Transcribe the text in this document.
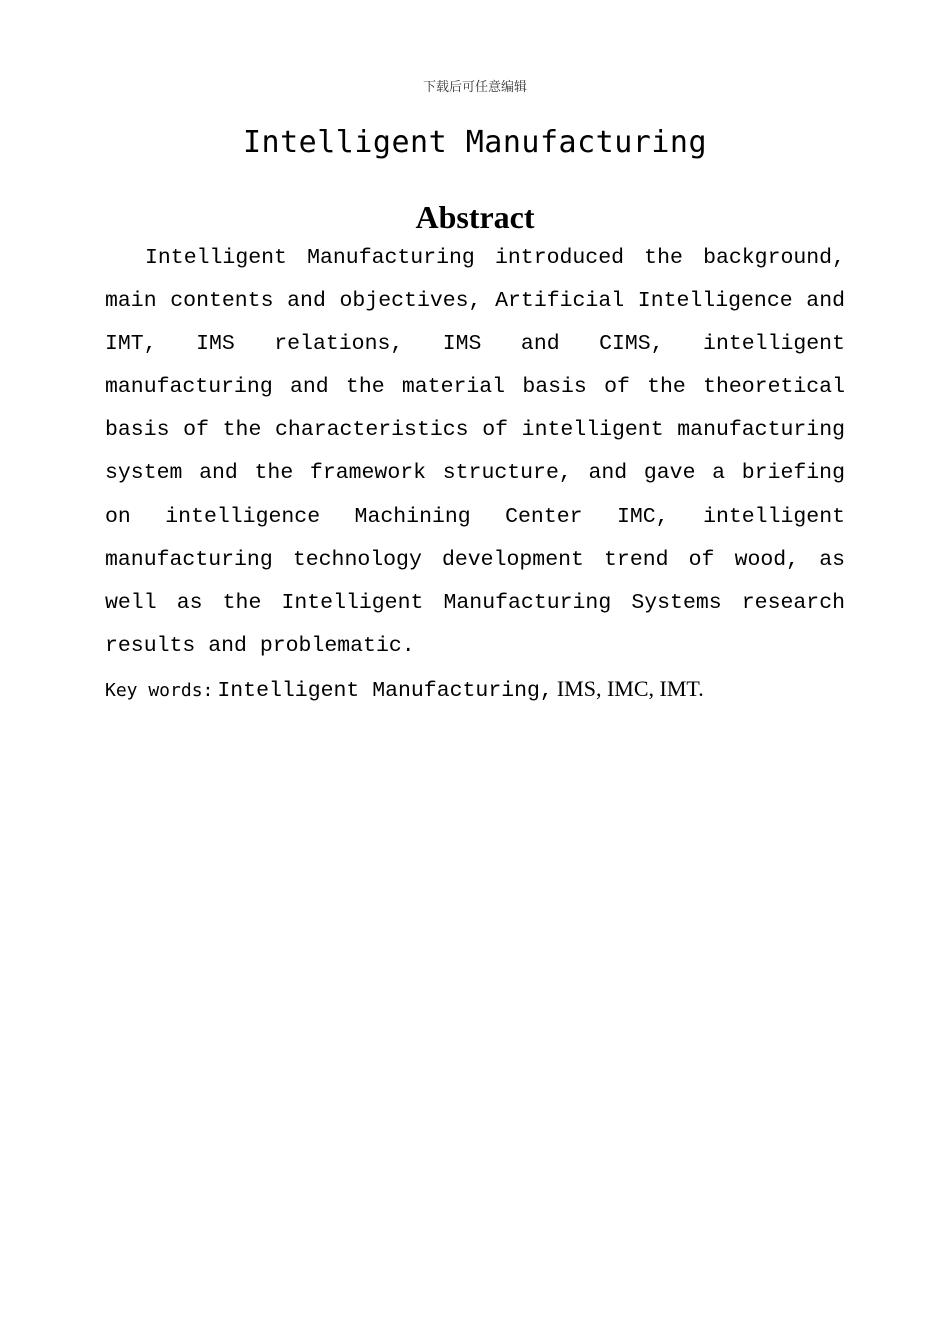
下载后可任意编辑
Intelligent Manufacturing
Abstract

Intelligent Manufacturing introduced the background, main contents and objectives, Artificial Intelligence and IMT, IMS relations, IMS and CIMS, intelligent manufacturing and the material basis of the theoretical basis of the characteristics of intelligent manufacturing system and the framework structure, and gave a briefing on intelligence Machining Center IMC, intelligent manufacturing technology development trend of wood, as well as the Intelligent Manufacturing Systems research results and problematic.

Key words: Intelligent Manufacturing, IMS, IMC, IMT.
